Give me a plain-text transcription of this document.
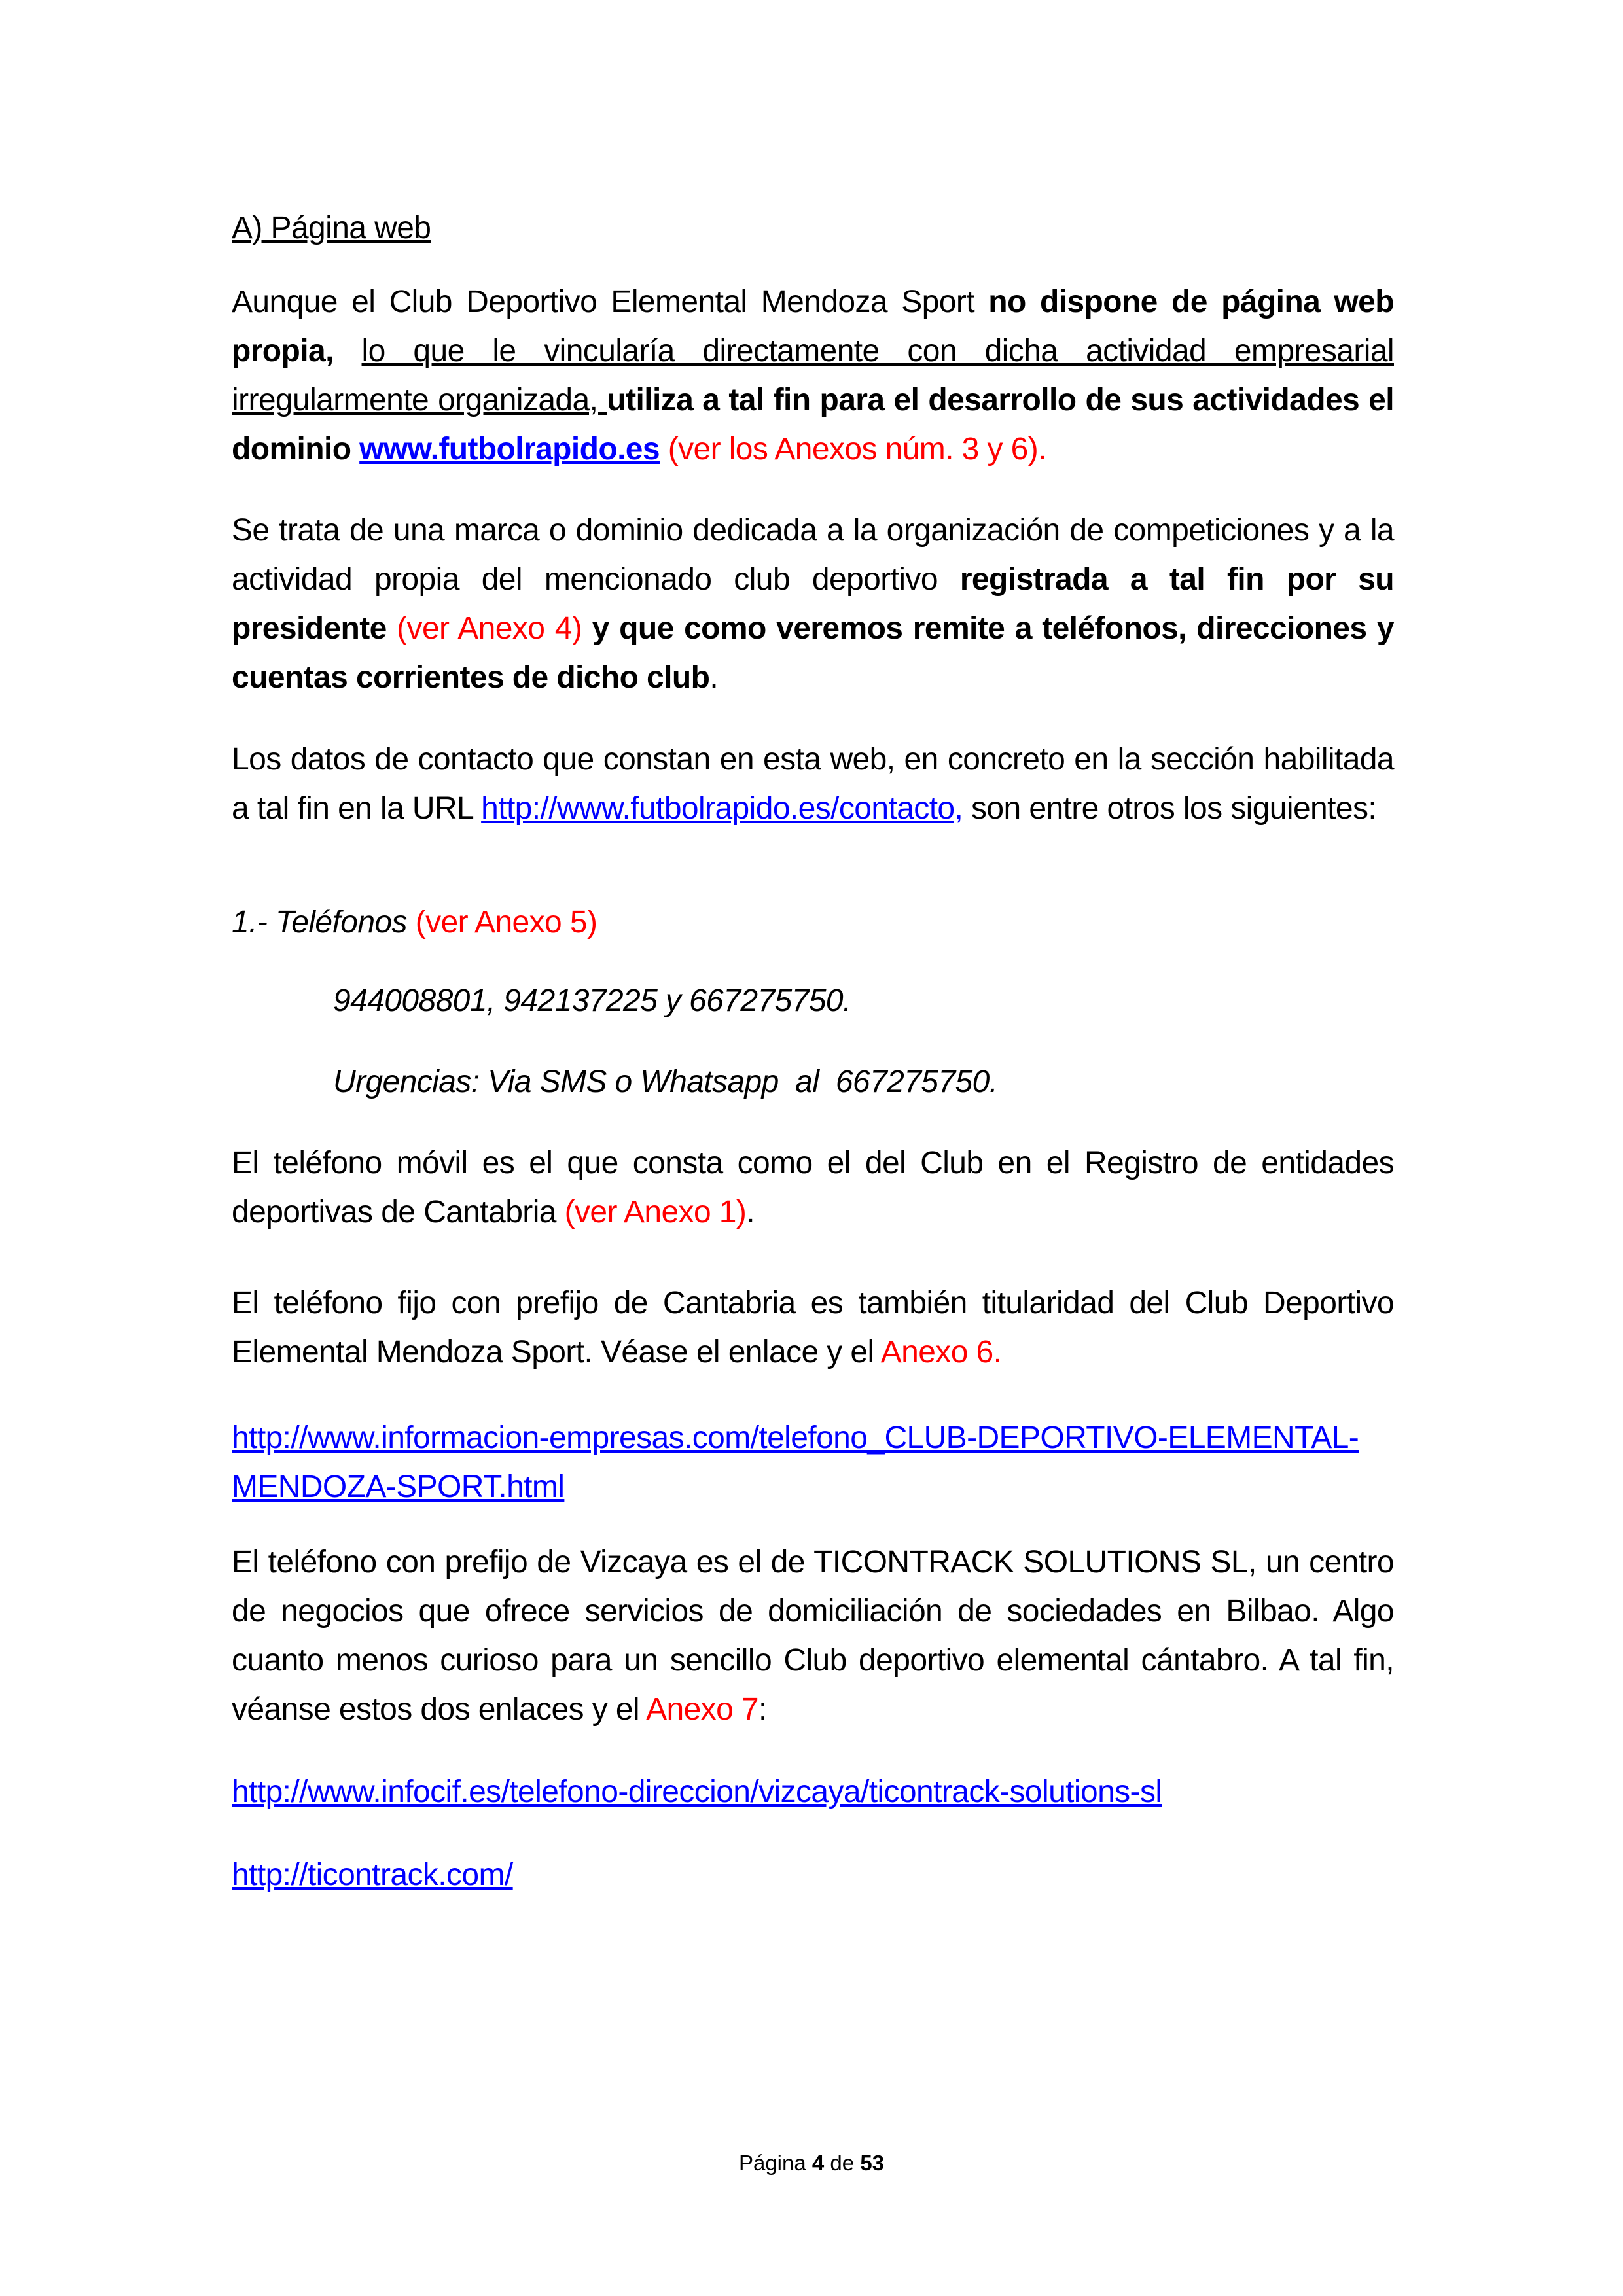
A) Página web

Aunque el Club Deportivo Elemental Mendoza Sport no dispone de página web propia, lo que le vincularía directamente con dicha actividad empresarial irregularmente organizada, utiliza a tal fin para el desarrollo de sus actividades el dominio www.futbolrapido.es (ver los Anexos núm. 3 y 6).

Se trata de una marca o dominio dedicada a la organización de competiciones y a la actividad propia del mencionado club deportivo registrada a tal fin por su presidente (ver Anexo 4) y que como veremos remite a teléfonos, direcciones y cuentas corrientes de dicho club.

Los datos de contacto que constan en esta web, en concreto en la sección habilitada a tal fin en la URL http://www.futbolrapido.es/contacto, son entre otros los siguientes:

1.- Teléfonos (ver Anexo 5)

944008801, 942137225 y 667275750.

Urgencias: Via SMS o Whatsapp  al  667275750.

El teléfono móvil es el que consta como el del Club en el Registro de entidades deportivas de Cantabria (ver Anexo 1).

El teléfono fijo con prefijo de Cantabria es también titularidad del Club Deportivo Elemental Mendoza Sport. Véase el enlace y el Anexo 6.

http://www.informacion-empresas.com/telefono_CLUB-DEPORTIVO-ELEMENTAL-MENDOZA-SPORT.html

El teléfono con prefijo de Vizcaya es el de TICONTRACK SOLUTIONS SL, un centro de negocios que ofrece servicios de domiciliación de sociedades en Bilbao. Algo cuanto menos curioso para un sencillo Club deportivo elemental cántabro. A tal fin, véanse estos dos enlaces y el Anexo 7:

http://www.infocif.es/telefono-direccion/vizcaya/ticontrack-solutions-sl

http://ticontrack.com/

Página 4 de 53
